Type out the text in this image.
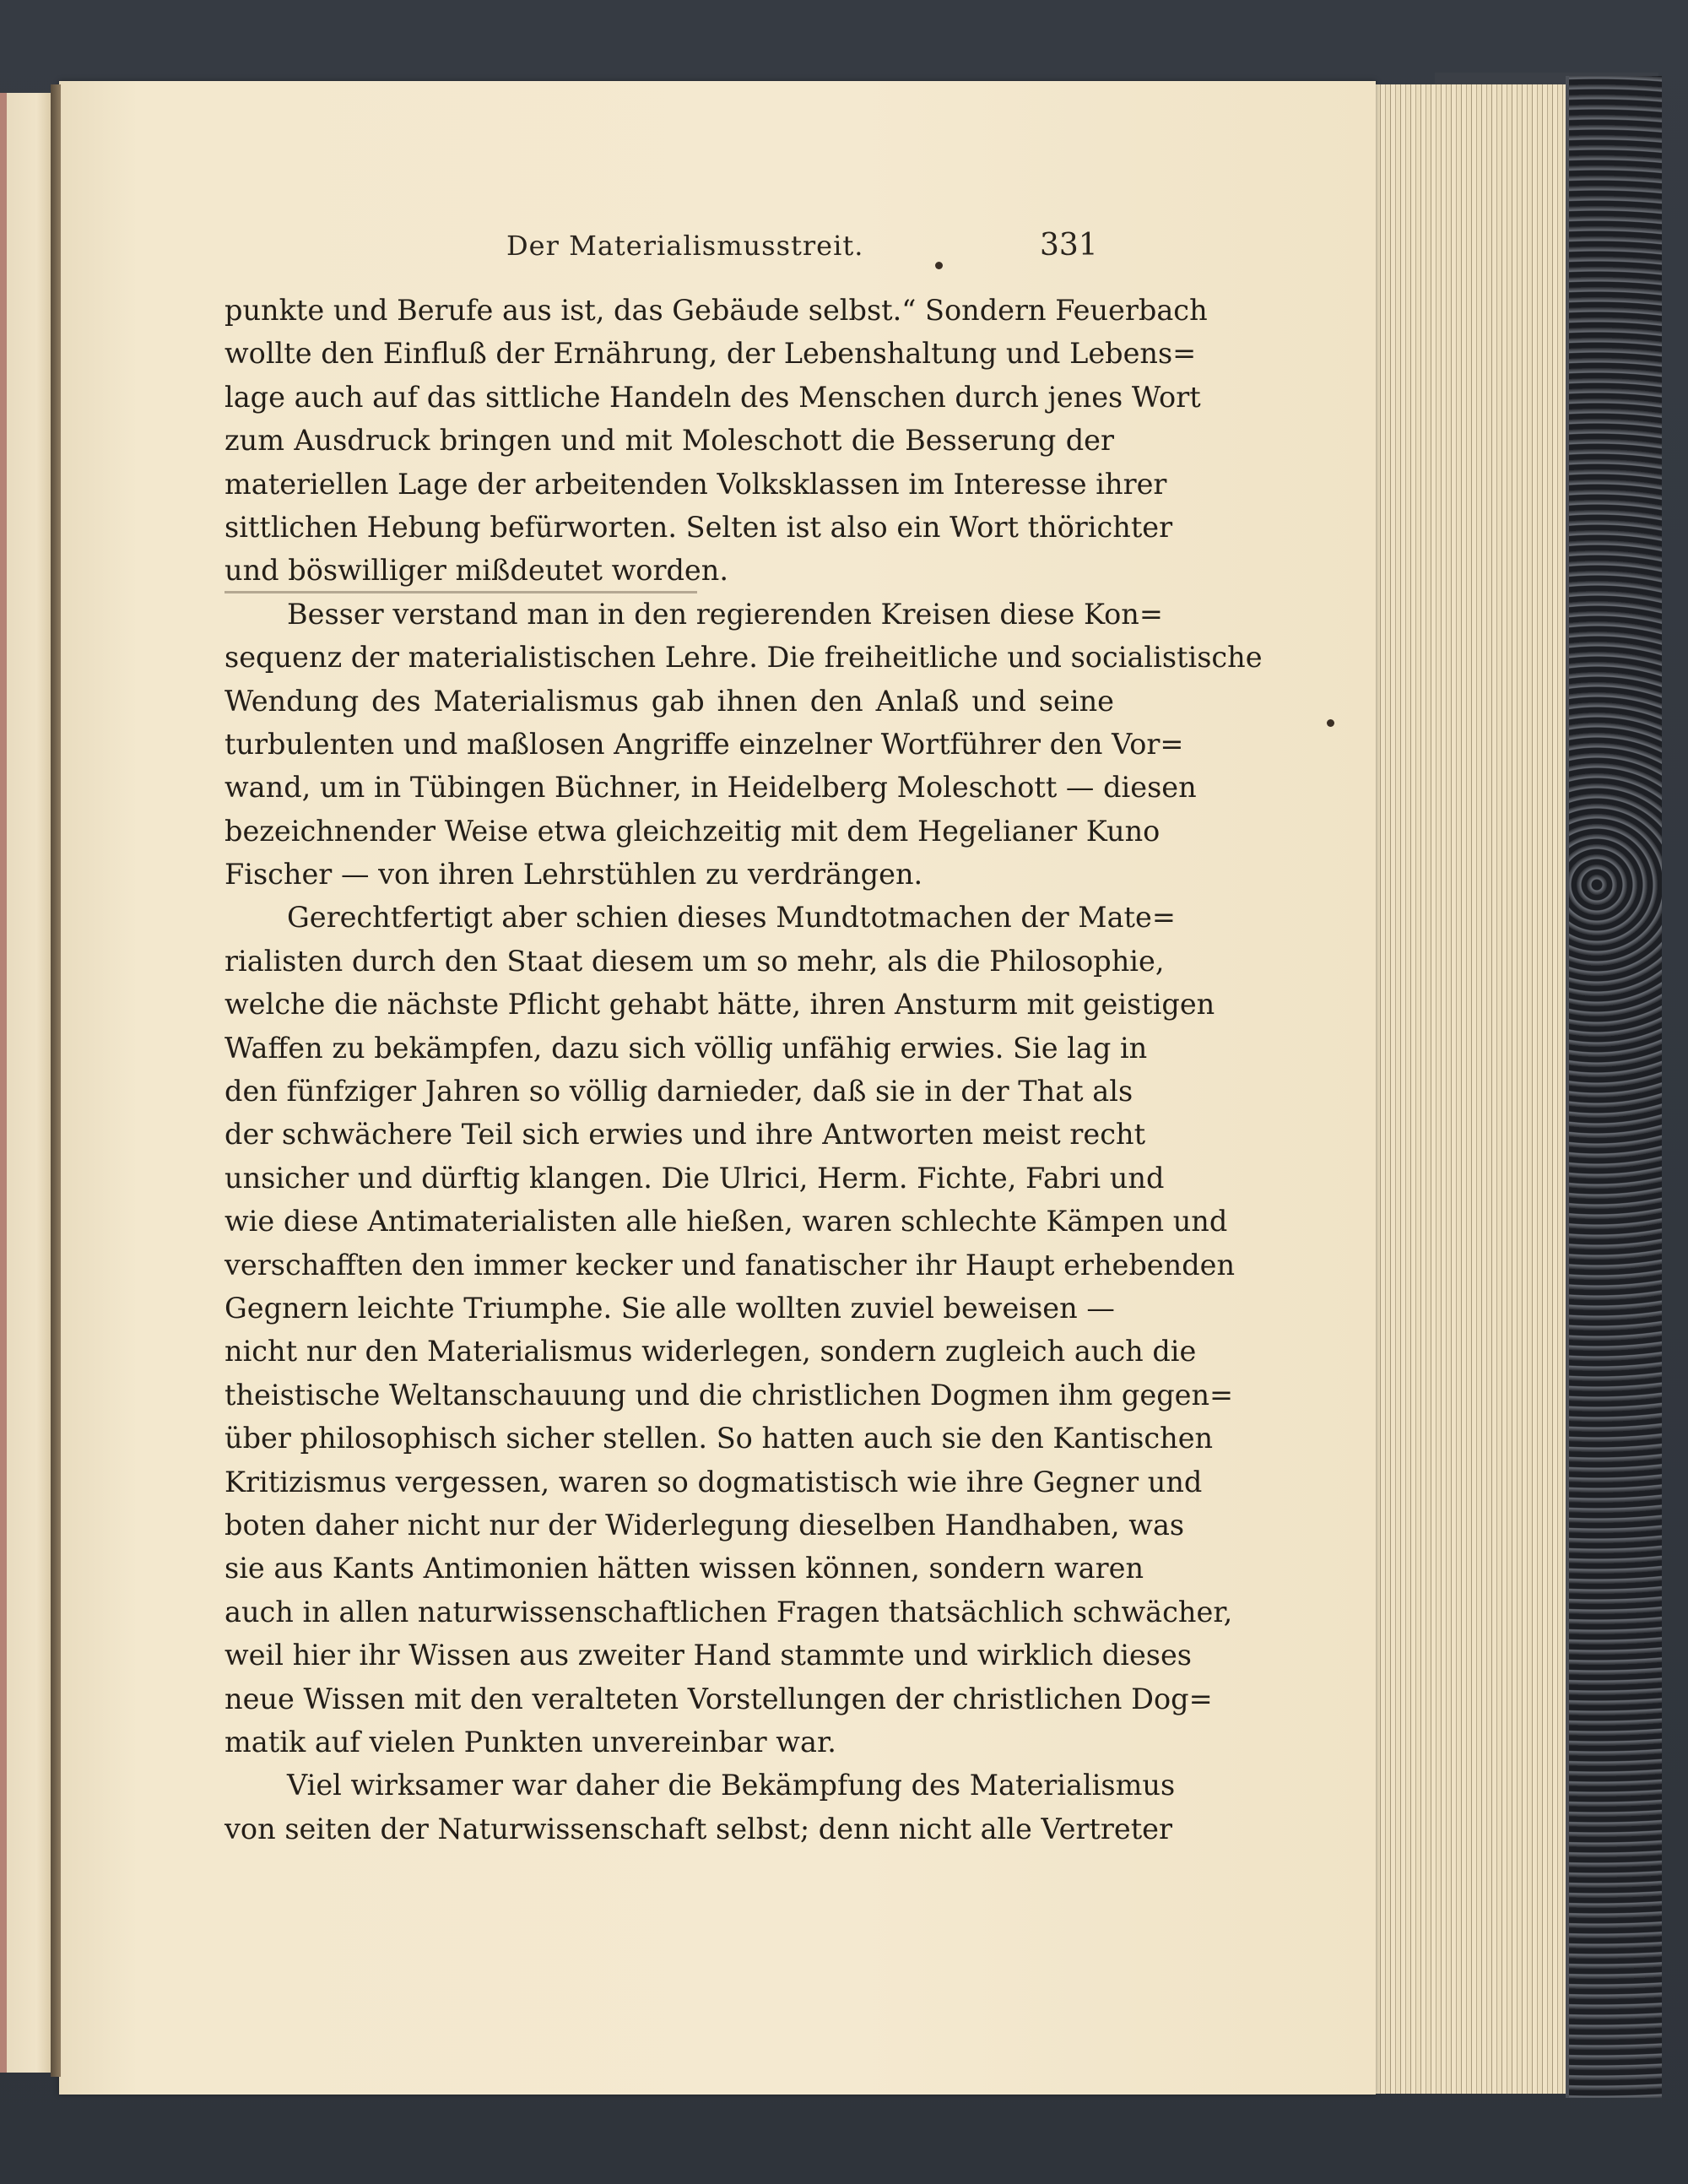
Der Materialismusstreit.	331
punkte und Berufe aus ist, das Gebäude selbst.“ Sondern Feuerbach
wollte den Einfluß der Ernährung, der Lebenshaltung und Lebens=
lage auch auf das sittliche Handeln des Menschen durch jenes Wort
zum Ausdruck bringen und mit Moleschott die Besserung der
materiellen Lage der arbeitenden Volksklassen im Interesse ihrer
sittlichen Hebung befürworten. Selten ist also ein Wort thörichter
und böswilliger mißdeutet worden.
Besser verstand man in den regierenden Kreisen diese Kon=
sequenz der materialistischen Lehre. Die freiheitliche und socialistische
Wendung des Materialismus gab ihnen den Anlaß und seine
turbulenten und maßlosen Angriffe einzelner Wortführer den Vor=
wand, um in Tübingen Büchner, in Heidelberg Moleschott — diesen
bezeichnender Weise etwa gleichzeitig mit dem Hegelianer Kuno
Fischer — von ihren Lehrstühlen zu verdrängen.
Gerechtfertigt aber schien dieses Mundtotmachen der Mate=
rialisten durch den Staat diesem um so mehr, als die Philosophie,
welche die nächste Pflicht gehabt hätte, ihren Ansturm mit geistigen
Waffen zu bekämpfen, dazu sich völlig unfähig erwies. Sie lag in
den fünfziger Jahren so völlig darnieder, daß sie in der That als
der schwächere Teil sich erwies und ihre Antworten meist recht
unsicher und dürftig klangen. Die Ulrici, Herm. Fichte, Fabri und
wie diese Antimaterialisten alle hießen, waren schlechte Kämpen und
verschafften den immer kecker und fanatischer ihr Haupt erhebenden
Gegnern leichte Triumphe. Sie alle wollten zuviel beweisen —
nicht nur den Materialismus widerlegen, sondern zugleich auch die
theistische Weltanschauung und die christlichen Dogmen ihm gegen=
über philosophisch sicher stellen. So hatten auch sie den Kantischen
Kritizismus vergessen, waren so dogmatistisch wie ihre Gegner und
boten daher nicht nur der Widerlegung dieselben Handhaben, was
sie aus Kants Antimonien hätten wissen können, sondern waren
auch in allen naturwissenschaftlichen Fragen thatsächlich schwächer,
weil hier ihr Wissen aus zweiter Hand stammte und wirklich dieses
neue Wissen mit den veralteten Vorstellungen der christlichen Dog=
matik auf vielen Punkten unvereinbar war.
Viel wirksamer war daher die Bekämpfung des Materialismus
von seiten der Naturwissenschaft selbst; denn nicht alle Vertreter
